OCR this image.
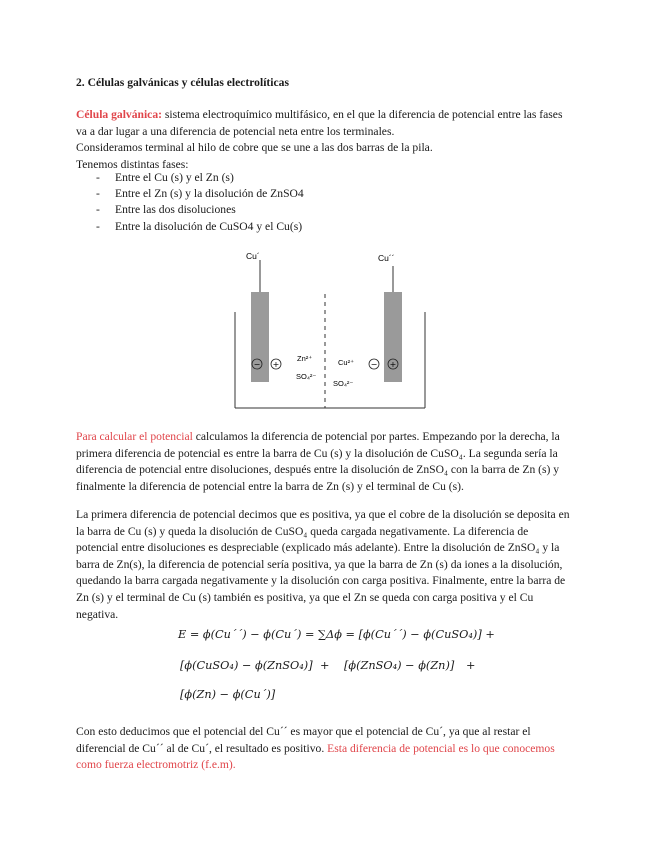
2. Células galvánicas y células electrolíticas
Célula galvánica: sistema electroquímico multifásico, en el que la diferencia de potencial entre las fases
va a dar lugar a una diferencia de potencial neta entre los terminales.
Consideramos terminal al hilo de cobre que se une a las dos barras de la pila.
Tenemos distintas fases:
- Entre el Cu (s) y el Zn (s)
- Entre el Zn (s) y la disolución de ZnSO4
- Entre las dos disoluciones
- Entre la disolución de CuSO4 y el Cu(s)
Cu´	Cu´´
− +	− +
Zn²⁺
SO₄²⁻
Cu²⁺
SO₄²⁻
Para calcular el potencial calculamos la diferencia de potencial por partes. Empezando por la derecha, la
primera diferencia de potencial es entre la barra de Cu (s) y la disolución de CuSO₄. La segunda sería la
diferencia de potencial entre disoluciones, después entre la disolución de ZnSO₄ con la barra de Zn (s) y
finalmente la diferencia de potencial entre la barra de Zn (s) y el terminal de Cu (s).
La primera diferencia de potencial decimos que es positiva, ya que el cobre de la disolución se deposita en
la barra de Cu (s) y queda la disolución de CuSO₄ queda cargada negativamente. La diferencia de
potencial entre disoluciones es despreciable (explicado más adelante). Entre la disolución de ZnSO₄ y la
barra de Zn(s), la diferencia de potencial sería positiva, ya que la barra de Zn (s) da iones a la disolución,
quedando la barra cargada negativamente y la disolución con carga positiva. Finalmente, entre la barra de
Zn (s) y el terminal de Cu (s) también es positiva, ya que el Zn se queda con carga positiva y el Cu
negativa.
E = ϕ(Cu´´) − ϕ(Cu´) = ∑Δϕ = [ϕ(Cu´´) − ϕ(CuSO₄)] +
[ϕ(CuSO₄) − ϕ(ZnSO₄)] + [ϕ(ZnSO₄) − ϕ(Zn)] +
[ϕ(Zn) − ϕ(Cu´)]
Con esto deducimos que el potencial del Cu´´ es mayor que el potencial de Cu´, ya que al restar el
diferencial de Cu´´ al de Cu´, el resultado es positivo. Esta diferencia de potencial es lo que conocemos
como fuerza electromotriz (f.e.m).
